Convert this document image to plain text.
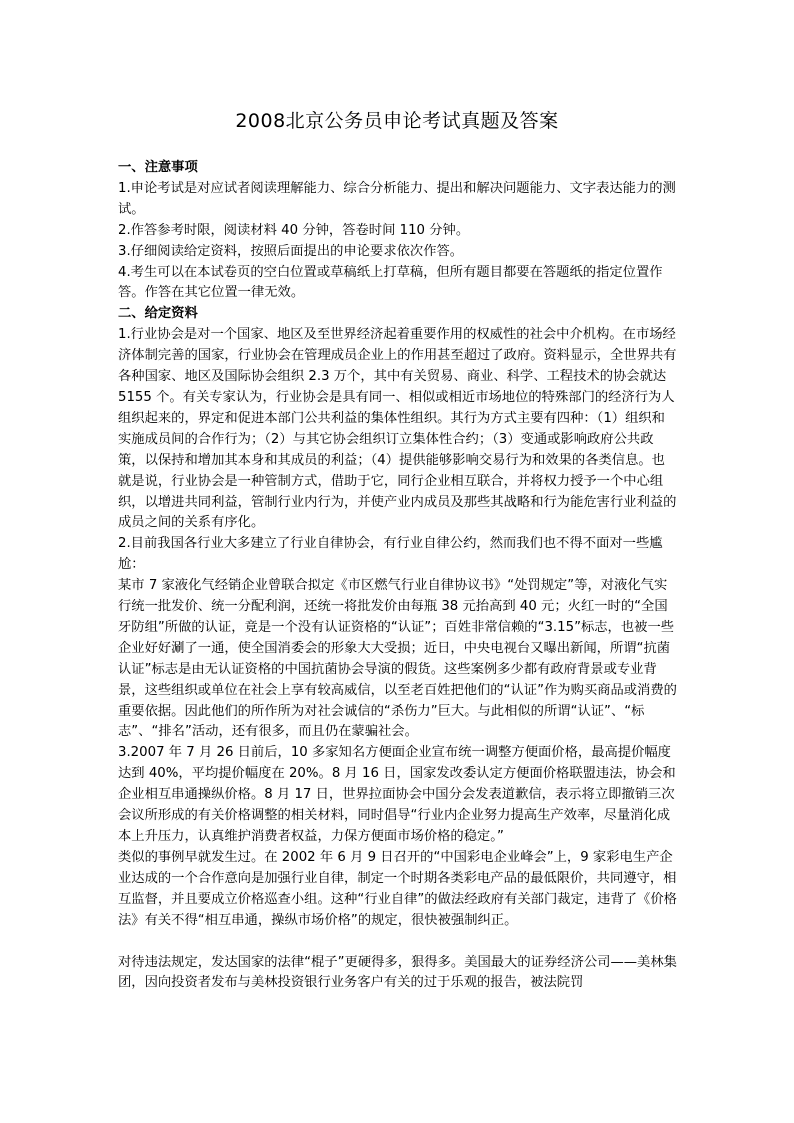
2008北京公务员申论考试真题及答案

一、注意事项

1.申论考试是对应试者阅读理解能力、综合分析能力、提出和解决问题能力、文字表达能力的测试。

2.作答参考时限，阅读材料 40 分钟，答卷时间 110 分钟。

3.仔细阅读给定资料，按照后面提出的申论要求依次作答。

4.考生可以在本试卷页的空白位置或草稿纸上打草稿，但所有题目都要在答题纸的指定位置作答。作答在其它位置一律无效。

二、给定资料

1.行业协会是对一个国家、地区及至世界经济起着重要作用的权威性的社会中介机构。在市场经济体制完善的国家，行业协会在管理成员企业上的作用甚至超过了政府。资料显示，全世界共有各种国家、地区及国际协会组织 2.3 万个，其中有关贸易、商业、科学、工程技术的协会就达 5155 个。有关专家认为，行业协会是具有同一、相似或相近市场地位的特殊部门的经济行为人组织起来的，界定和促进本部门公共利益的集体性组织。其行为方式主要有四种：（1）组织和实施成员间的合作行为；（2）与其它协会组织订立集体性合约；（3）变通或影响政府公共政策，以保持和增加其本身和其成员的利益；（4）提供能够影响交易行为和效果的各类信息。也就是说，行业协会是一种管制方式，借助于它，同行企业相互联合，并将权力授予一个中心组织，以增进共同利益，管制行业内行为，并使产业内成员及那些其战略和行为能危害行业利益的成员之间的关系有序化。

2.目前我国各行业大多建立了行业自律协会，有行业自律公约，然而我们也不得不面对一些尴尬：

某市 7 家液化气经销企业曾联合拟定《市区燃气行业自律协议书》“处罚规定”等，对液化气实行统一批发价、统一分配利润，还统一将批发价由每瓶 38 元抬高到 40 元；火红一时的“全国牙防组”所做的认证，竟是一个没有认证资格的“认证”；百姓非常信赖的“3.15”标志，也被一些企业好好涮了一通，使全国消委会的形象大大受损；近日，中央电视台又曝出新闻，所谓“抗菌认证”标志是由无认证资格的中国抗菌协会导演的假货。这些案例多少都有政府背景或专业背景，这些组织或单位在社会上享有较高威信，以至老百姓把他们的“认证”作为购买商品或消费的重要依据。因此他们的所作所为对社会诚信的“杀伤力”巨大。与此相似的所谓“认证”、“标志”、“排名”活动，还有很多，而且仍在蒙骗社会。

3.2007 年 7 月 26 日前后，10 多家知名方便面企业宣布统一调整方便面价格，最高提价幅度达到 40%，平均提价幅度在 20%。8 月 16 日，国家发改委认定方便面价格联盟违法，协会和企业相互串通操纵价格。8 月 17 日，世界拉面协会中国分会发表道歉信，表示将立即撤销三次会议所形成的有关价格调整的相关材料，同时倡导“行业内企业努力提高生产效率，尽量消化成本上升压力，认真维护消费者权益，力保方便面市场价格的稳定。”

类似的事例早就发生过。在 2002 年 6 月 9 日召开的“中国彩电企业峰会”上，9 家彩电生产企业达成的一个合作意向是加强行业自律，制定一个时期各类彩电产品的最低限价，共同遵守，相互监督，并且要成立价格巡查小组。这种“行业自律”的做法经政府有关部门裁定，违背了《价格法》有关不得“相互串通，操纵市场价格”的规定，很快被强制纠正。

对待违法规定，发达国家的法律“棍子”更硬得多，狠得多。美国最大的证券经济公司——美林集团，因向投资者发布与美林投资银行业务客户有关的过于乐观的报告，被法院罚
